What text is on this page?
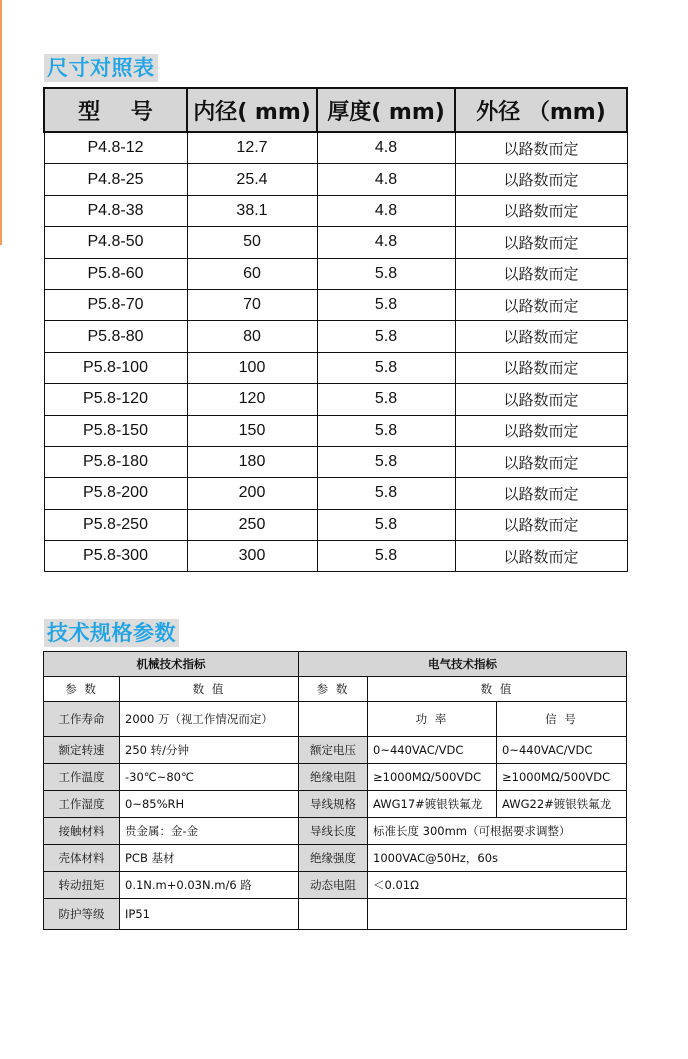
尺寸对照表
型    号	内径( mm)	厚度( mm)	外径 （mm)
P4.8-12	12.7	4.8	以路数而定
P4.8-25	25.4	4.8	以路数而定
P4.8-38	38.1	4.8	以路数而定
P4.8-50	50	4.8	以路数而定
P5.8-60	60	5.8	以路数而定
P5.8-70	70	5.8	以路数而定
P5.8-80	80	5.8	以路数而定
P5.8-100	100	5.8	以路数而定
P5.8-120	120	5.8	以路数而定
P5.8-150	150	5.8	以路数而定
P5.8-180	180	5.8	以路数而定
P5.8-200	200	5.8	以路数而定
P5.8-250	250	5.8	以路数而定
P5.8-300	300	5.8	以路数而定
技术规格参数
机械技术指标		电气技术指标		
参 数	数 值	参 数	数 值	
工作寿命	2000 万（视工作情况而定）		功 率	信 号
额定转速	250 转/分钟	额定电压	0~440VAC/VDC	0~440VAC/VDC
工作温度	-30℃~80℃	绝缘电阻	≥1000MΩ/500VDC	≥1000MΩ/500VDC
工作湿度	0~85%RH	导线规格	AWG17#镀银铁氟龙	AWG22#镀银铁氟龙
接触材料	贵金属：金-金	导线长度	标准长度 300mm（可根据要求调整）	
壳体材料	PCB 基材	绝缘强度	1000VAC@50Hz，60s	
转动扭矩	0.1N.m+0.03N.m/6 路	动态电阻	＜0.01Ω	
防护等级	IP51			
